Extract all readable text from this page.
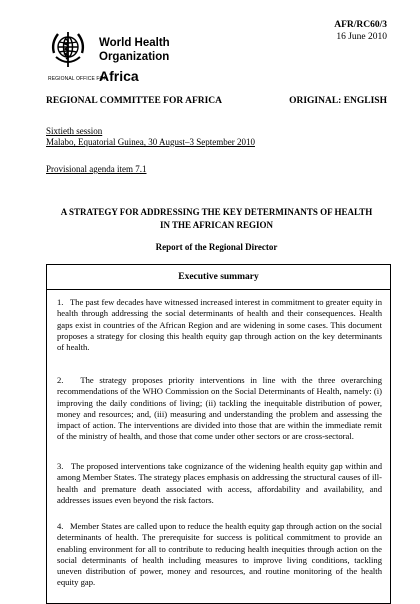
World Health
Organization
REGIONAL OFFICE FOR
Africa
AFR/RC60/3
16 June 2010
REGIONAL COMMITTEE FOR AFRICA	ORIGINAL: ENGLISH
Sixtieth session
Malabo, Equatorial Guinea, 30 August–3 September 2010
Provisional agenda item 7.1
A STRATEGY FOR ADDRESSING THE KEY DETERMINANTS OF HEALTH
IN THE AFRICAN REGION
Report of the Regional Director
Executive summary
1. The past few decades have witnessed increased interest in commitment to greater equity in health through addressing the social determinants of health and their consequences. Health gaps exist in countries of the African Region and are widening in some cases. This document proposes a strategy for closing this health equity gap through action on the key determinants of health.
2. The strategy proposes priority interventions in line with the three overarching recommendations of the WHO Commission on the Social Determinants of Health, namely: (i) improving the daily conditions of living; (ii) tackling the inequitable distribution of power, money and resources; and, (iii) measuring and understanding the problem and assessing the impact of action. The interventions are divided into those that are within the immediate remit of the ministry of health, and those that come under other sectors or are cross-sectoral.
3. The proposed interventions take cognizance of the widening health equity gap within and among Member States. The strategy places emphasis on addressing the structural causes of ill-health and premature death associated with access, affordability and availability, and addresses issues even beyond the risk factors.
4. Member States are called upon to reduce the health equity gap through action on the social determinants of health. The prerequisite for success is political commitment to provide an enabling environment for all to contribute to reducing health inequities through action on the social determinants of health including measures to improve living conditions, tackling uneven distribution of power, money and resources, and routine monitoring of the health equity gap.
